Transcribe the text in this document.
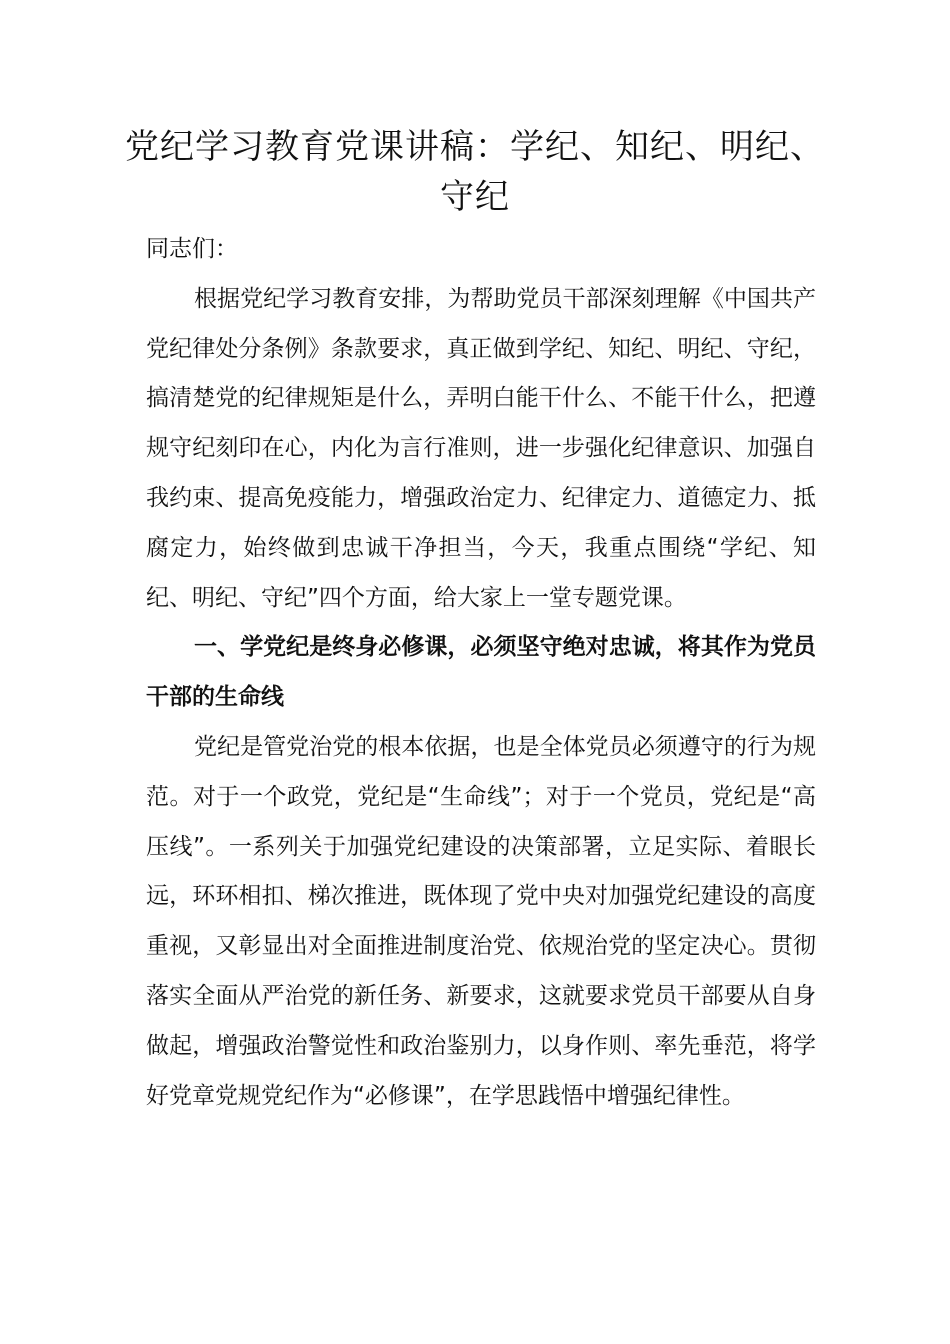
党纪学习教育党课讲稿：学纪、知纪、明纪、守纪

同志们：

根据党纪学习教育安排，为帮助党员干部深刻理解《中国共产党纪律处分条例》条款要求，真正做到学纪、知纪、明纪、守纪，搞清楚党的纪律规矩是什么，弄明白能干什么、不能干什么，把遵规守纪刻印在心，内化为言行准则，进一步强化纪律意识、加强自我约束、提高免疫能力，增强政治定力、纪律定力、道德定力、抵腐定力，始终做到忠诚干净担当，今天，我重点围绕“学纪、知纪、明纪、守纪”四个方面，给大家上一堂专题党课。

一、学党纪是终身必修课，必须坚守绝对忠诚，将其作为党员干部的生命线

党纪是管党治党的根本依据，也是全体党员必须遵守的行为规范。对于一个政党，党纪是“生命线”；对于一个党员，党纪是“高压线”。一系列关于加强党纪建设的决策部署，立足实际、着眼长远，环环相扣、梯次推进，既体现了党中央对加强党纪建设的高度重视，又彰显出对全面推进制度治党、依规治党的坚定决心。贯彻落实全面从严治党的新任务、新要求，这就要求党员干部要从自身做起，增强政治警觉性和政治鉴别力，以身作则、率先垂范，将学好党章党规党纪作为“必修课”，在学思践悟中增强纪律性。
